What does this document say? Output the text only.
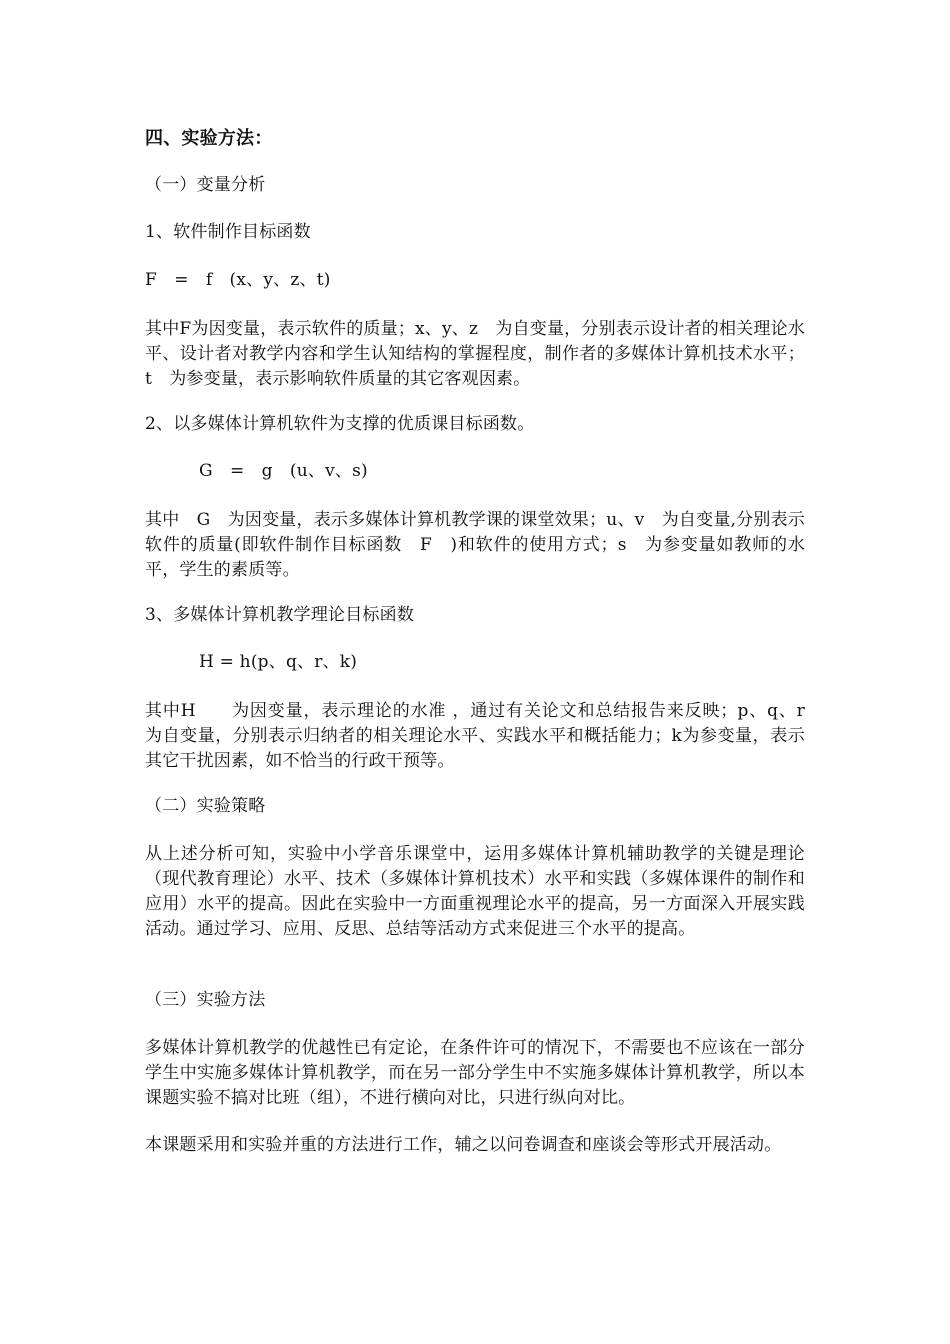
四、实验方法：
（一）变量分析
1、软件制作目标函数
F　=　f　(x、y、z、t)
其中F为因变量，表示软件的质量；x、y、z　为自变量，分别表示设计者的相关理论水平、设计者对教学内容和学生认知结构的掌握程度，制作者的多媒体计算机技术水平；t　为参变量，表示影响软件质量的其它客观因素。
2、以多媒体计算机软件为支撑的优质课目标函数。
G　=　g　(u、v、s)
其中　G　为因变量，表示多媒体计算机教学课的课堂效果；u、v　为自变量,分别表示软件的质量(即软件制作目标函数　F　)和软件的使用方式；s　为参变量如教师的水平，学生的素质等。
3、多媒体计算机教学理论目标函数
H = h(p、q、r、k)
其中H　　为因变量，表示理论的水准 ，通过有关论文和总结报告来反映；p、q、r　为自变量，分别表示归纳者的相关理论水平、实践水平和概括能力；k为参变量，表示其它干扰因素，如不恰当的行政干预等。
（二）实验策略
从上述分析可知，实验中小学音乐课堂中，运用多媒体计算机辅助教学的关键是理论（现代教育理论）水平、技术（多媒体计算机技术）水平和实践（多媒体课件的制作和应用）水平的提高。因此在实验中一方面重视理论水平的提高，另一方面深入开展实践活动。通过学习、应用、反思、总结等活动方式来促进三个水平的提高。
（三）实验方法
多媒体计算机教学的优越性已有定论，在条件许可的情况下，不需要也不应该在一部分学生中实施多媒体计算机教学，而在另一部分学生中不实施多媒体计算机教学，所以本课题实验不搞对比班（组），不进行横向对比，只进行纵向对比。
本课题采用和实验并重的方法进行工作，辅之以问卷调查和座谈会等形式开展活动。
